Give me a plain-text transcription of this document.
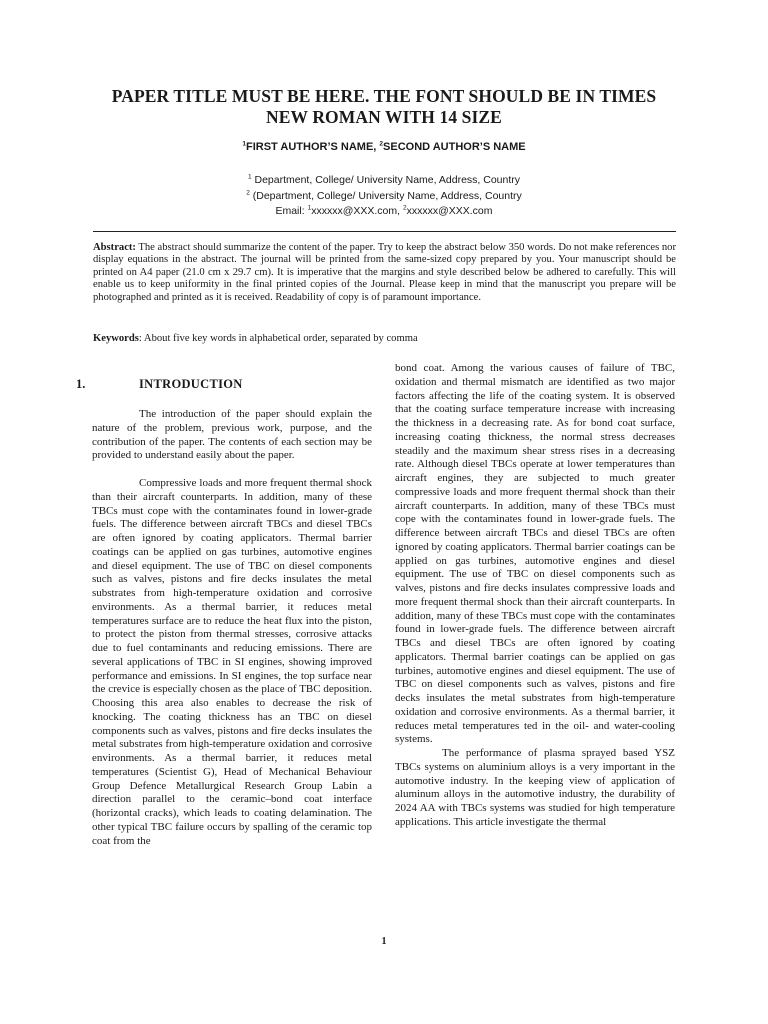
PAPER TITLE MUST BE HERE. THE FONT SHOULD BE IN TIMES NEW ROMAN WITH 14 SIZE
$^1$FIRST AUTHOR’S NAME, $^2$SECOND AUTHOR’S NAME
$^1$ Department, College/ University Name, Address, Country
$^2$ (Department, College/ University Name, Address, Country
Email: $^1$xxxxxx@XXX.com, $^2$xxxxxx@XXX.com
Abstract: The abstract should summarize the content of the paper. Try to keep the abstract below 350 words. Do not make references nor display equations in the abstract. The journal will be printed from the same-sized copy prepared by you. Your manuscript should be printed on A4 paper (21.0 cm x 29.7 cm). It is imperative that the margins and style described below be adhered to carefully. This will enable us to keep uniformity in the final printed copies of the Journal. Please keep in mind that the manuscript you prepare will be photographed and printed as it is received. Readability of copy is of paramount importance.
Keywords: About five key words in alphabetical order, separated by comma
1.	INTRODUCTION

The introduction of the paper should explain the nature of the problem, previous work, purpose, and the contribution of the paper. The contents of each section may be provided to understand easily about the paper.

Compressive loads and more frequent thermal shock than their aircraft counterparts. In addition, many of these TBCs must cope with the contaminates found in lower-grade fuels. The difference between aircraft TBCs and diesel TBCs are often ignored by coating applicators. Thermal barrier coatings can be applied on gas turbines, automotive engines and diesel equipment. The use of TBC on diesel components such as valves, pistons and fire decks insulates the metal substrates from high-temperature oxidation and corrosive environments. As a thermal barrier, it reduces metal temperatures surface are to reduce the heat flux into the piston, to protect the piston from thermal stresses, corrosive attacks due to fuel contaminants and reducing emissions. There are several applications of TBC in SI engines, showing improved performance and emissions. In SI engines, the top surface near the crevice is especially chosen as the place of TBC deposition. Choosing this area also enables to decrease the risk of knocking. The coating thickness has an TBC on diesel components such as valves, pistons and fire decks insulates the metal substrates from high-temperature oxidation and corrosive environments. As a thermal barrier, it reduces metal temperatures (Scientist G), Head of Mechanical Behaviour Group Defence Metallurgical Research Group Labin a direction parallel to the ceramic–bond coat interface (horizontal cracks), which leads to coating delamination. The other typical TBC failure occurs by spalling of the ceramic top coat from the

bond coat. Among the various causes of failure of TBC, oxidation and thermal mismatch are identified as two major factors affecting the life of the coating system. It is observed that the coating surface temperature increase with increasing the thickness in a decreasing rate. As for bond coat surface, increasing coating thickness, the normal stress decreases steadily and the maximum shear stress rises in a decreasing rate. Although diesel TBCs operate at lower temperatures than aircraft engines, they are subjected to much greater compressive loads and more frequent thermal shock than their aircraft counterparts. In addition, many of these TBCs must cope with the contaminates found in lower-grade fuels. The difference between aircraft TBCs and diesel TBCs are often ignored by coating applicators. Thermal barrier coatings can be applied on gas turbines, automotive engines and diesel equipment. The use of TBC on diesel components such as valves, pistons and fire decks insulates compressive loads and more frequent thermal shock than their aircraft counterparts. In addition, many of these TBCs must cope with the contaminates found in lower-grade fuels. The difference between aircraft TBCs and diesel TBCs are often ignored by coating applicators. Thermal barrier coatings can be applied on gas turbines, automotive engines and diesel equipment. The use of TBC on diesel components such as valves, pistons and fire decks insulates the metal substrates from high-temperature oxidation and corrosive environments. As a thermal barrier, it reduces metal temperatures ted in the oil- and water-cooling systems.

The performance of plasma sprayed based YSZ TBCs systems on aluminium alloys is a very important in the automotive industry. In the keeping view of application of aluminum alloys in the automotive industry, the durability of 2024 AA with TBCs systems was studied for high temperature applications. This article investigate the thermal

1
